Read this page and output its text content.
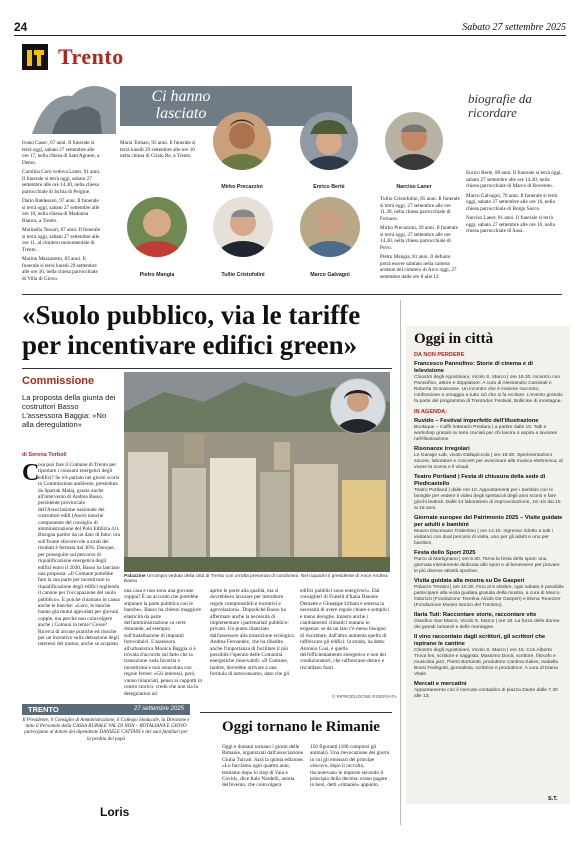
24	Sabato 27 settembre 2025
Trento
Ci hanno lasciato
biografie da ricordare
Ivano Casec, 67 anni. Il funerale si terrà oggi, sabato 27 settembre alle ore 17, nella chiesa di Sant'Agnese, a Demo.
Carolina Corn vedova Laner, 91 anni. Il funerale si terrà oggi, sabato 27 settembre alle ore 14.30, nella chiesa parrocchiale di Ischia di Pergine.
Dario Baldessari, 97 anni. Il funerale si terrà oggi, sabato 27 settembre alle ore 10, nella chiesa di Madonna Bianca, a Trento.
Marinella Tessari, 67 anni. Il funerale si terrà oggi, sabato 27 settembre alle ore 11, al cimitero monumentale di Trento.
Marino Mazzaretto, 83 anni. Il funerale si terrà lunedì 29 settembre alle ore 16, nella chiesa parrocchiale di Villa di Giovo.
Maria Tomasi, 95 anni. Il funerale si terrà lunedì 29 settembre alle ore 10 nella chiesa di Cristo Re, a Trento.
Mirko Precazzini	Enrico Bertè	Narciso Laner
Pietro Mangia	Tullio Cristofolini	Marco Galvagni
Tullio Cristofolini, 85 anni. Il funerale si terrà oggi, 27 settembre alle ore 11.30, nella chiesa parrocchiale di Fornace.
Mirko Precazzini, 29 anni. Il funerale si terrà oggi, 27 settembre alle ore 14.30, nella chiesa parrocchiale di Povo.
Pietro Mangia, 81 anni. Il defunto potrà essere salutato nella camera ardente del cimitero di Arco oggi, 27 settembre dalle ore 8 alle 12.
Enrico Bertè, 89 anni. Il funerale si terrà oggi, sabato 27 settembre alle ore 14.30, nella chiesa parrocchiale di Marco di Rovereto.
Marco Galvagni, 70 anni. Il funerale si terrà oggi, sabato 27 settembre alle ore 16, nella chiesa parrocchiale di Borgo Sacco.
Narciso Laner, 81 anni. Il funerale si terrà oggi, sabato 27 settembre alle ore 16, nella chiesa parrocchiale di Susà.
«Suolo pubblico, via le tariffe per incentivare edifici green»
Commissione
La proposta della giunta dei costruttori Basso L'assessora Baggia: «No alla deregulation»
di Serena Torboli
C
osa può fare il Comune di Trento per riportare i consumi energetici degli edifici? Se n'è parlato nei giorni scorsi in Commissione ambiente, presieduta da Spartak Malaj, grazie anche all'intervento di Andrea Basso, presidente provinciale dell'Associazione nazionale dei costruttori edili (Ance) nonché componente del consiglio di amministrazione del Polo Edilizia 4.0. Bisogna partire da un dato di fatto: ora sull'fronte sfavorevole a strati dei risultati è fermata dal 36%. Dunque, per proseguire sul percorso di riqualificazione energetica degli edifici entro il 2030, Basso ha lanciato una proposta: «Il Comune potrebbe fare la sua parte per incentivare la riqualificazione degli edifici togliendo il canone per l'occupazione del suolo pubblico». E poiché chiamato in causa anche le banche: «Loro, le banche hanno già mutui agevolati per giovani coppie, ma perché non coinvolgere anche i Comuni in tema? Cosse? Ricerca di alcune pratiche ed riuscite per un incentivo sulla detrazione degli interessi del mutuo, anche se acquisto
Palazzine Un'ampia veduta della città di Trento con un'alta presenza di condomini. Nel riquadro il presidente di Ance Andrea Basso
una casa e non sono una giovane coppia? È un accordo che potrebbe stipulare la parte pubblica con le banche». Basso ha chiesto maggiore elasticità da parte dell'amministrazione su certe domande, ad esempio sull'installazione di impianti fotovoltaici. L'assessora all'urbanistica Monica Baggia si è trovata d'accordo sul fatto che la transizione vada favorita e incentivata e non ostacolata con regole ferree: «Gli interessi, però, vanno bilanciati, penso ai cappotti in centro storico: credo che non sia la deregulation ad
aprire le porte alla qualità, ma si dovrebbero lavorare per introdurre regole comprensibili e incentivi e agevolazioni». Dopodiché Basso ha affermato anche la necessità di implementare i partenariati pubblico-privato. Un punto rilanciato dall'assessore alla transizione ecologica Andrea Fernandez, che ha ribadito anche l'importanza di facilitare il più possibile l'operato delle Comunità energetiche rinnovabili. «Il Comune, inoltre, dovrebbe arrivare a una formula di autoconsumo, dato che gli
edifici pubblici sono energivori». Dai consiglieri di Fratelli d'Italia Daniele Demattè e Giuseppe Urbani è emersa la necessità di avere regole chiare e semplici e meno deroghe. Intanto anche i cambiamenti climatici mutano le esigenze: se da un lato c'è meno bisogno di riscaldare, dall'altro aumenta quello di raffrescare gli edifici: la strada, ha detto Antonio Cosi, è quella dell'efficientamento energetico e non dei condizionatori, che raffrescano dentro e riscaldano fuori.
© RIPRODUZIONE RISERVATA
TRENTO	27 settembre 2025
Il Presidente, il Consiglio di Amministrazione, il Collegio Sindacale, la Direzione e tutto il Personale della CASSA RURALE VAL DI NON – ROTALIANA E GIOVO partecipano al dolore del dipendente DANIELE CATTANI e dei suoi familiari per la perdita del papà
Loris
Oggi tornano le Rimanie
Oggi e domani tornano i giorni delle Rimanie, organizzati dall'associazione Giulia Turcati. Sarà la quinta edizione. «Lo facciamo ogni quattro anni, tentiamo dopo lo stop di Vaia e Covid», dice Italo Nardelli, anima dell'evento, che coinvolgerà
150 figuranti (180 compresi gli animali). Una rievocazione dei giorni in cui gli emissari del principe vescovo, dopo il raccolto, riscuotevano le imposte secondo il principio della decima: erano pagate in beni, detti «rimanie» appunto.
Oggi in città
DA NON PERDERE
Francesco Pannofino: Storie di cinema e di televisione
Chiostro degli Agostiniani, Vicolo S. Marco | ore 19.30. Incontro con Pannofino, attore e doppiatore. A cura di Alessandro Caminati e Roberta Scoransone. Un incontro che è insieme racconto, confessione e omaggio a tutto ciò che si fa recitare. L'evento gratuito fa parte del programma di Trentodoc Festival, Bollicine di montagna.
IN AGENDA:
Ruvido – Festival imperfetto dell'illustrazione
Bookique – Caffè letterario Predara | a partire dalle 10. Talk e workshop gratuiti su temi cruciali per chi lavora o aspira a lavorare nell'illustrazione
Risonanze irregolari
Le Garage Lab, vicolo Dallapiccola | ore 18.30. Sperimentazioni sonore, laboratori e concerti per avvicinare alla musica elettronica, al vivere la scena e il visual.
Teatro Portland | Festa di chiusura della sede di Piedicastello
Teatro Portland | dalle ore 10. Appuntamenti per i bambini con le famiglie per vedere il video degli spettacoli degli anni scorsi e fare giochi teatrali. Dalle 14 laboratorio di improvvisazione, 16–18 dai 15 ai 18 anni.
Giornate europee del Patrimonio 2025 – Visite guidate per adulti e bambini
Museo Diocesano Tridentino | ore 14.15. Ingresso ridotto a tutti i visitatori con dual percorsi di visita, uno per gli adulti e uno per bambini
Festa dello Sport 2025
Parco di Martignano | ore 9.30. Torna la festa dello sport: una giornata interamente dedicata allo sport e al benessere per provare le più diverse attività sportive.
Visita guidata alla mostra su De Gasperi
Palazzo Trentini | ore 10.30. Fino al 5 ottobre, ogni sabato è possibile partecipare alla visita guidata gratuita della mostra, a cura di Marco Odorizzi (Fondazione Trentina Alcide De Gasperi) e Elena Tonezzer (Fondazione Museo storico del Trentino).
Ilaria Tuti: Raccontare storie, raccontare vite
Giardino San Marco, Vicolo S. Marco | ore 18. La forza delle donne, dei grandi romanzi e delle montagne.
Il vino raccontato dagli scrittori, gli scrittori che ispirano le cantine
Chiostro degli Agostiniani, Vicolo S. Marco | ore 15. Con Alberto Trova fes, scrittore e saggista, Massimo Donà, scrittore, filosofo e musicista jazz, Pietro Bortolotti, produttore Cantina Salies, Isabella Bossi Fedrigotti, giornalista, scrittrice e produttrice. A cura di Diana Vitale
Mercati e mercatini
Appuntamento con il mercato contadino di piazza Dante dalle 7.30 alle 13.
S.T.
